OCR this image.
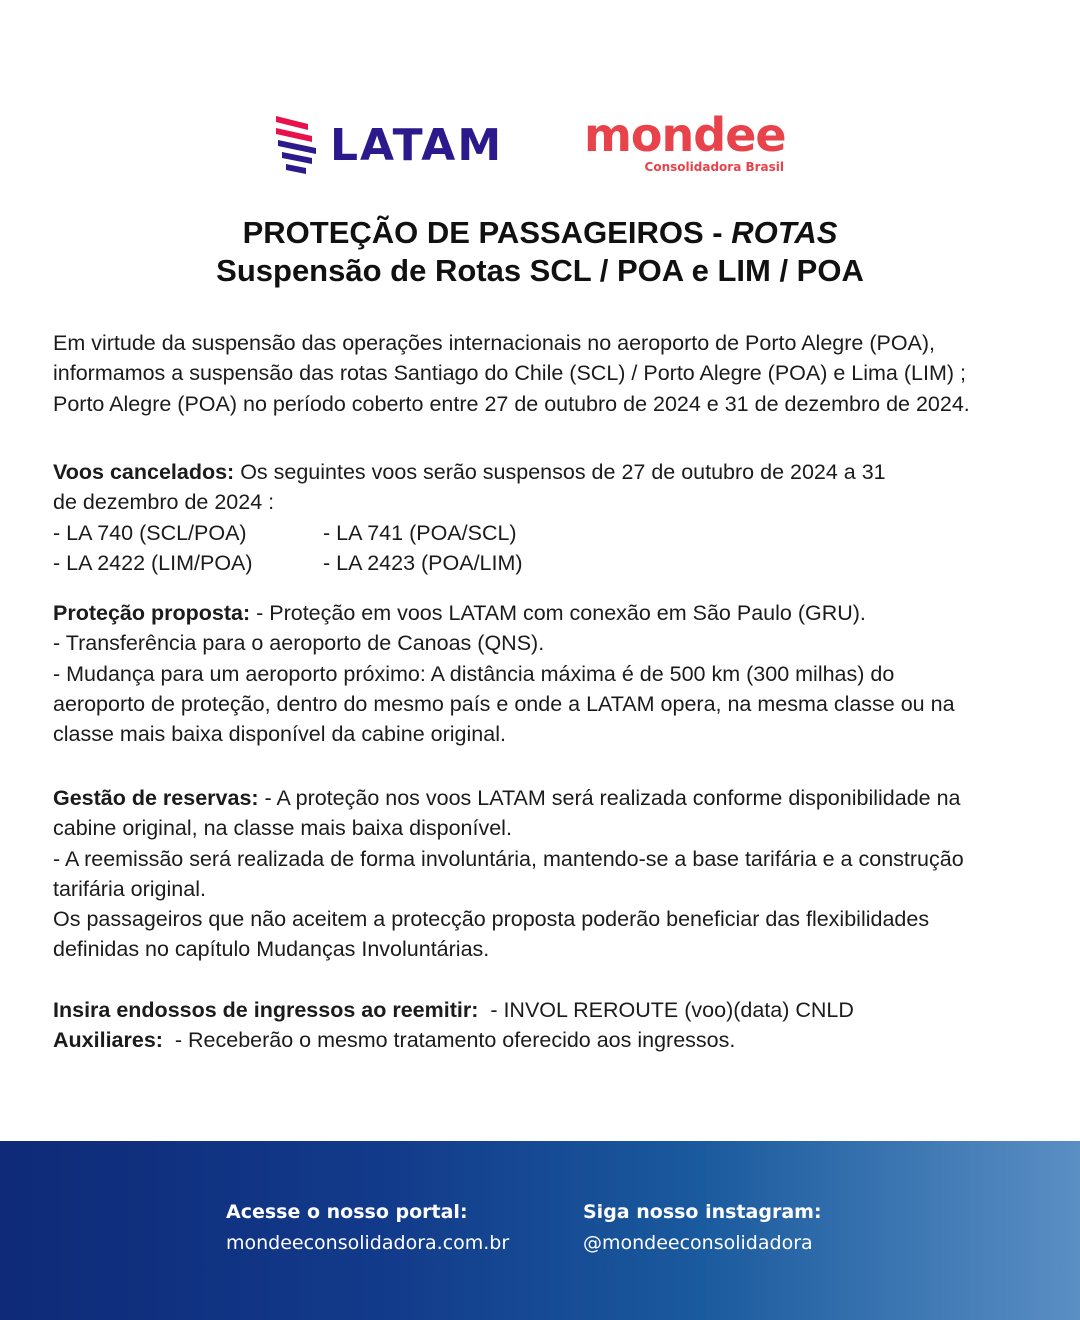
LATAM mondee
Consolidadora Brasil
PROTEÇÃO DE PASSAGEIROS - ROTAS
Suspensão de Rotas SCL / POA e LIM / POA

Em virtude da suspensão das operações internacionais no aeroporto de Porto Alegre (POA),

informamos a suspensão das rotas Santiago do Chile (SCL) / Porto Alegre (POA) e Lima (LIM) ;

Porto Alegre (POA) no período coberto entre 27 de outubro de 2024 e 31 de dezembro de 2024.

Voos cancelados: Os seguintes voos serão suspensos de 27 de outubro de 2024 a 31

de dezembro de 2024 :

- LA 740 (SCL/POA)	- LA 741 (POA/SCL)
- LA 2422 (LIM/POA)	- LA 2423 (POA/LIM)

Proteção proposta: - Proteção em voos LATAM com conexão em São Paulo (GRU).

- Transferência para o aeroporto de Canoas (QNS).

- Mudança para um aeroporto próximo: A distância máxima é de 500 km (300 milhas) do

aeroporto de proteção, dentro do mesmo país e onde a LATAM opera, na mesma classe ou na

classe mais baixa disponível da cabine original.

Gestão de reservas: - A proteção nos voos LATAM será realizada conforme disponibilidade na

cabine original, na classe mais baixa disponível.

- A reemissão será realizada de forma involuntária, mantendo-se a base tarifária e a construção

tarifária original.

Os passageiros que não aceitem a protecção proposta poderão beneficiar das flexibilidades

definidas no capítulo Mudanças Involuntárias.

Insira endossos de ingressos ao reemitir:  - INVOL REROUTE (voo)(data) CNLD

Auxiliares:  - Receberão o mesmo tratamento oferecido aos ingressos.

Acesse o nosso portal:
mondeeconsolidadora.com.br
Siga nosso instagram:
@mondeeconsolidadora
